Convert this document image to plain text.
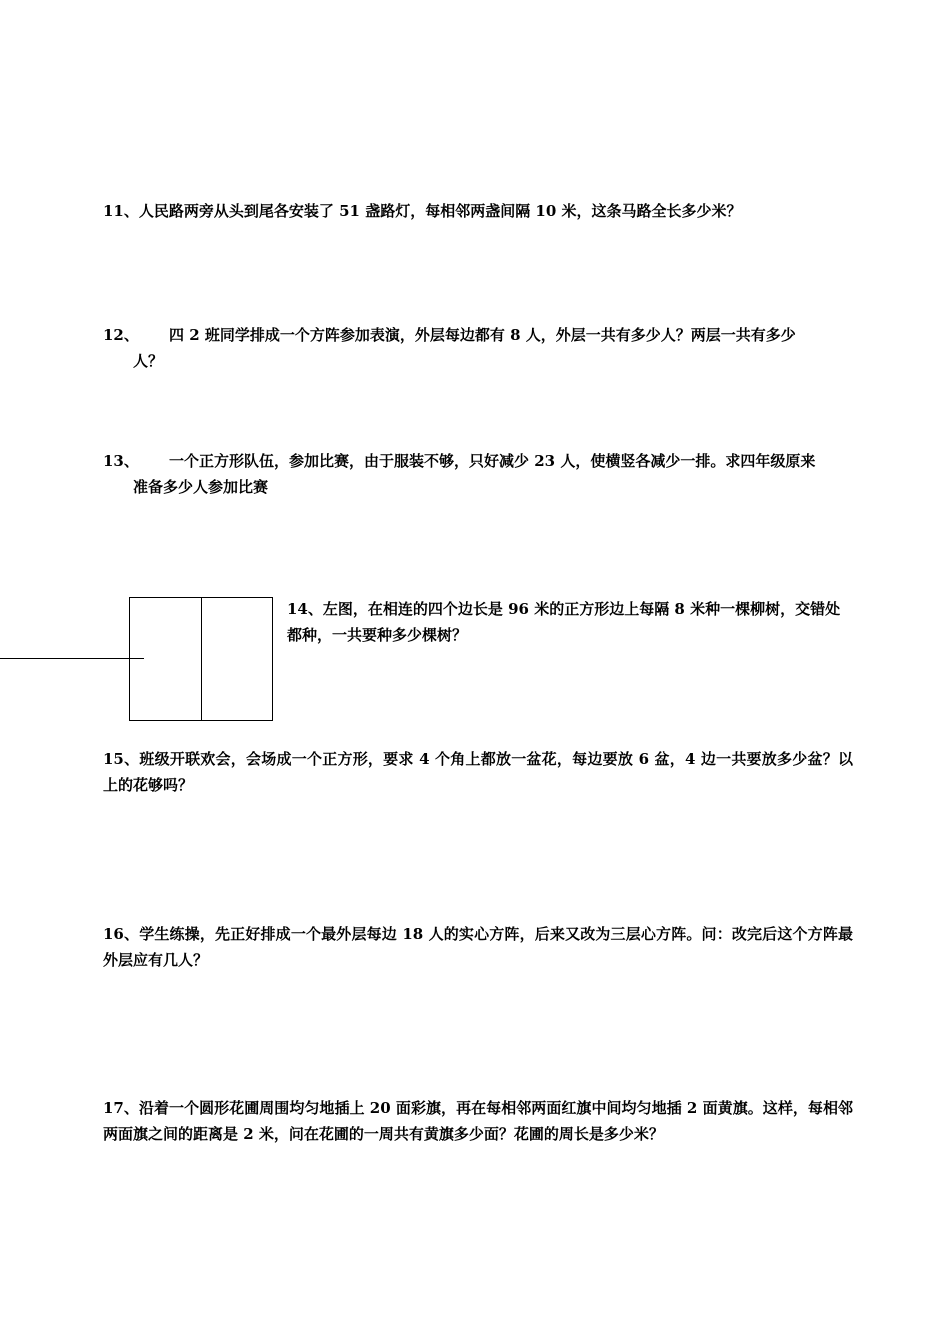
11、人民路两旁从头到尾各安装了 51 盏路灯，每相邻两盏间隔 10 米，这条马路全长多少米？

12、 四 2 班同学排成一个方阵参加表演，外层每边都有 8 人，外层一共有多少人？两层一共有多少
人？
13、 一个正方形队伍，参加比赛，由于服装不够，只好减少 23 人，使横竖各减少一排。求四年级原来
准备多少人参加比赛

14、左图，在相连的四个边长是 96 米的正方形边上每隔 8 米种一棵柳树，交错处都种，一共要种多少棵树？

15、班级开联欢会，会场成一个正方形，要求 4 个角上都放一盆花，每边要放 6 盆，4 边一共要放多少盆？以上的花够吗？

16、学生练操，先正好排成一个最外层每边 18 人的实心方阵，后来又改为三层心方阵。问：改完后这个方阵最外层应有几人？

17、沿着一个圆形花圃周围均匀地插上 20 面彩旗，再在每相邻两面红旗中间均匀地插 2 面黄旗。这样，每相邻两面旗之间的距离是 2 米，问在花圃的一周共有黄旗多少面？花圃的周长是多少米？
